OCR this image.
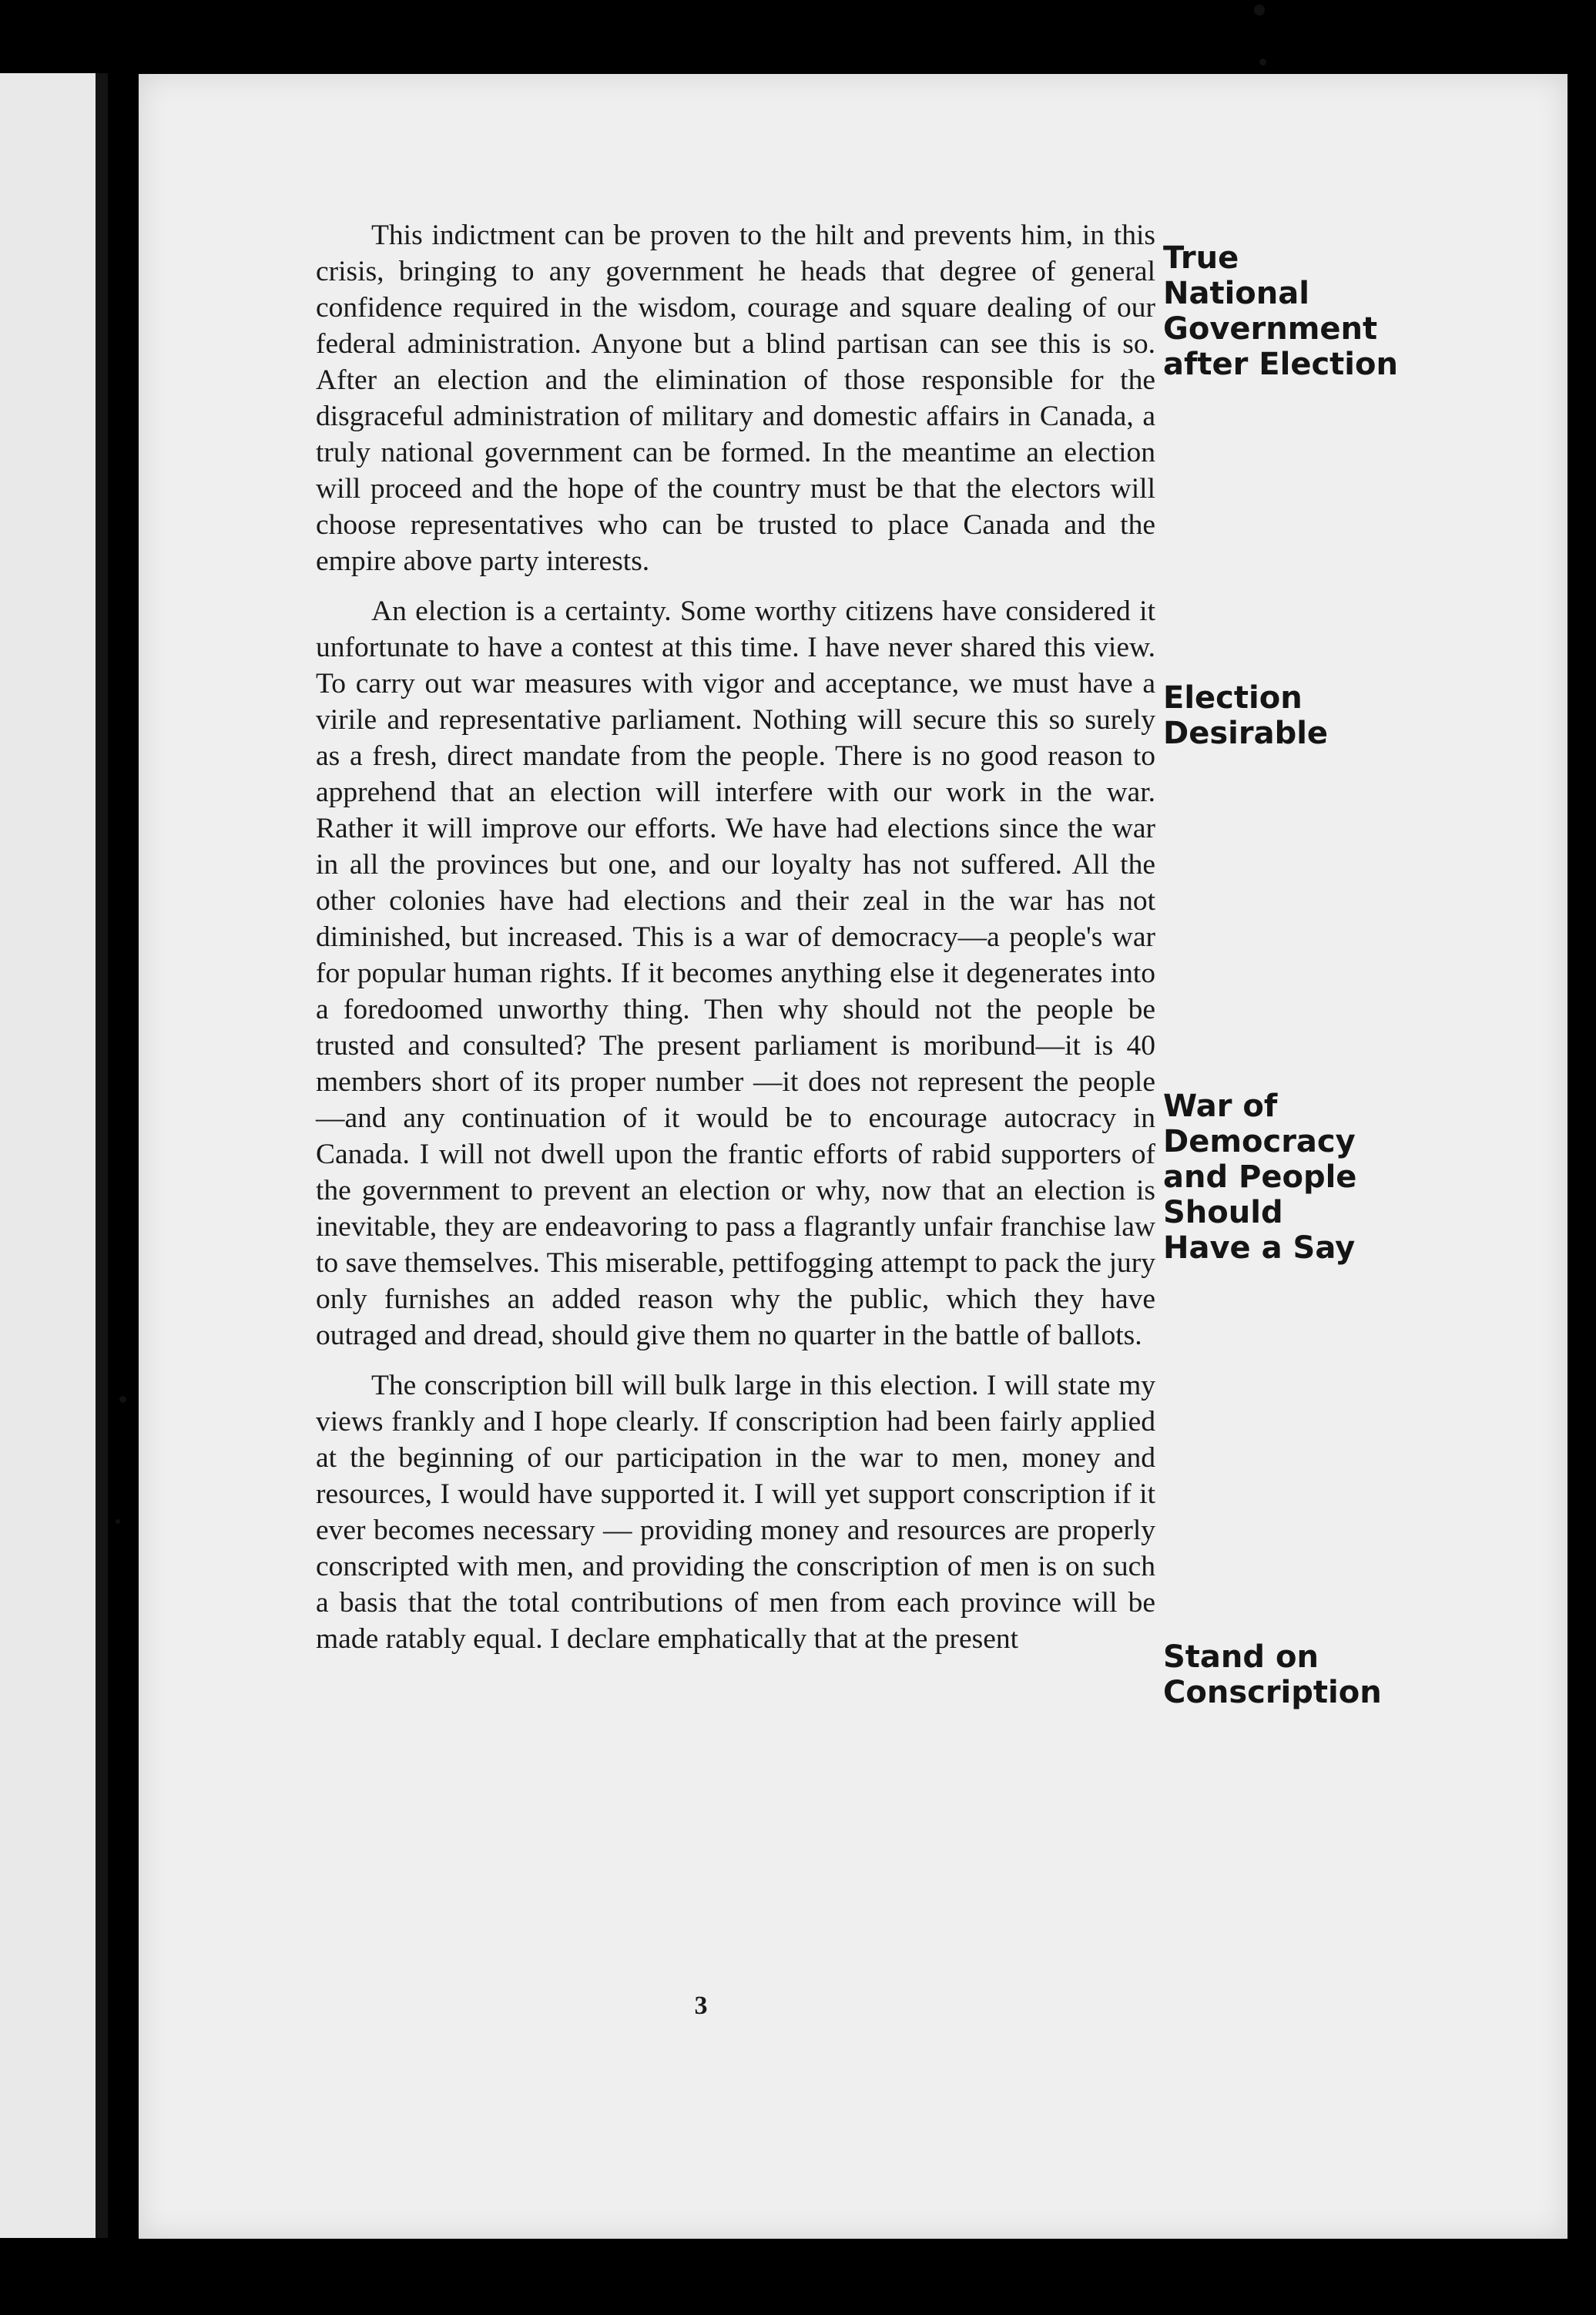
This indictment can be proven to the hilt and prevents him, in this crisis, bringing to any government he heads that degree of general confidence required in the wisdom, courage and square dealing of our federal administration. Anyone but a blind partisan can see this is so. After an election and the elimination of those responsible for the disgraceful administration of military and domestic affairs in Canada, a truly national government can be formed. In the meantime an election will proceed and the hope of the country must be that the electors will choose representatives who can be trusted to place Canada and the empire above party interests.

An election is a certainty. Some worthy citizens have considered it unfortunate to have a contest at this time. I have never shared this view. To carry out war measures with vigor and acceptance, we must have a virile and representative parliament. Nothing will secure this so surely as a fresh, direct mandate from the people. There is no good reason to apprehend that an election will interfere with our work in the war. Rather it will improve our efforts. We have had elections since the war in all the provinces but one, and our loyalty has not suffered. All the other colonies have had elections and their zeal in the war has not diminished, but increased. This is a war of democracy—a people's war for popular human rights. If it becomes anything else it degenerates into a foredoomed unworthy thing. Then why should not the people be trusted and consulted? The present parliament is moribund—it is 40 members short of its proper number —it does not represent the people—and any continuation of it would be to encourage autocracy in Canada. I will not dwell upon the frantic efforts of rabid supporters of the government to prevent an election or why, now that an election is inevitable, they are endeavoring to pass a flagrantly unfair franchise law to save themselves. This miserable, pettifogging attempt to pack the jury only furnishes an added reason why the public, which they have outraged and dread, should give them no quarter in the battle of ballots.

The conscription bill will bulk large in this election. I will state my views frankly and I hope clearly. If conscription had been fairly applied at the beginning of our participation in the war to men, money and resources, I would have supported it. I will yet support conscription if it ever becomes necessary — providing money and resources are properly conscripted with men, and providing the conscription of men is on such a basis that the total contributions of men from each province will be made ratably equal. I declare emphatically that at the present

True
National
Government
after Election
Election
Desirable
War of
Democracy
and People
Should
Have a Say
Stand on
Conscription
3
